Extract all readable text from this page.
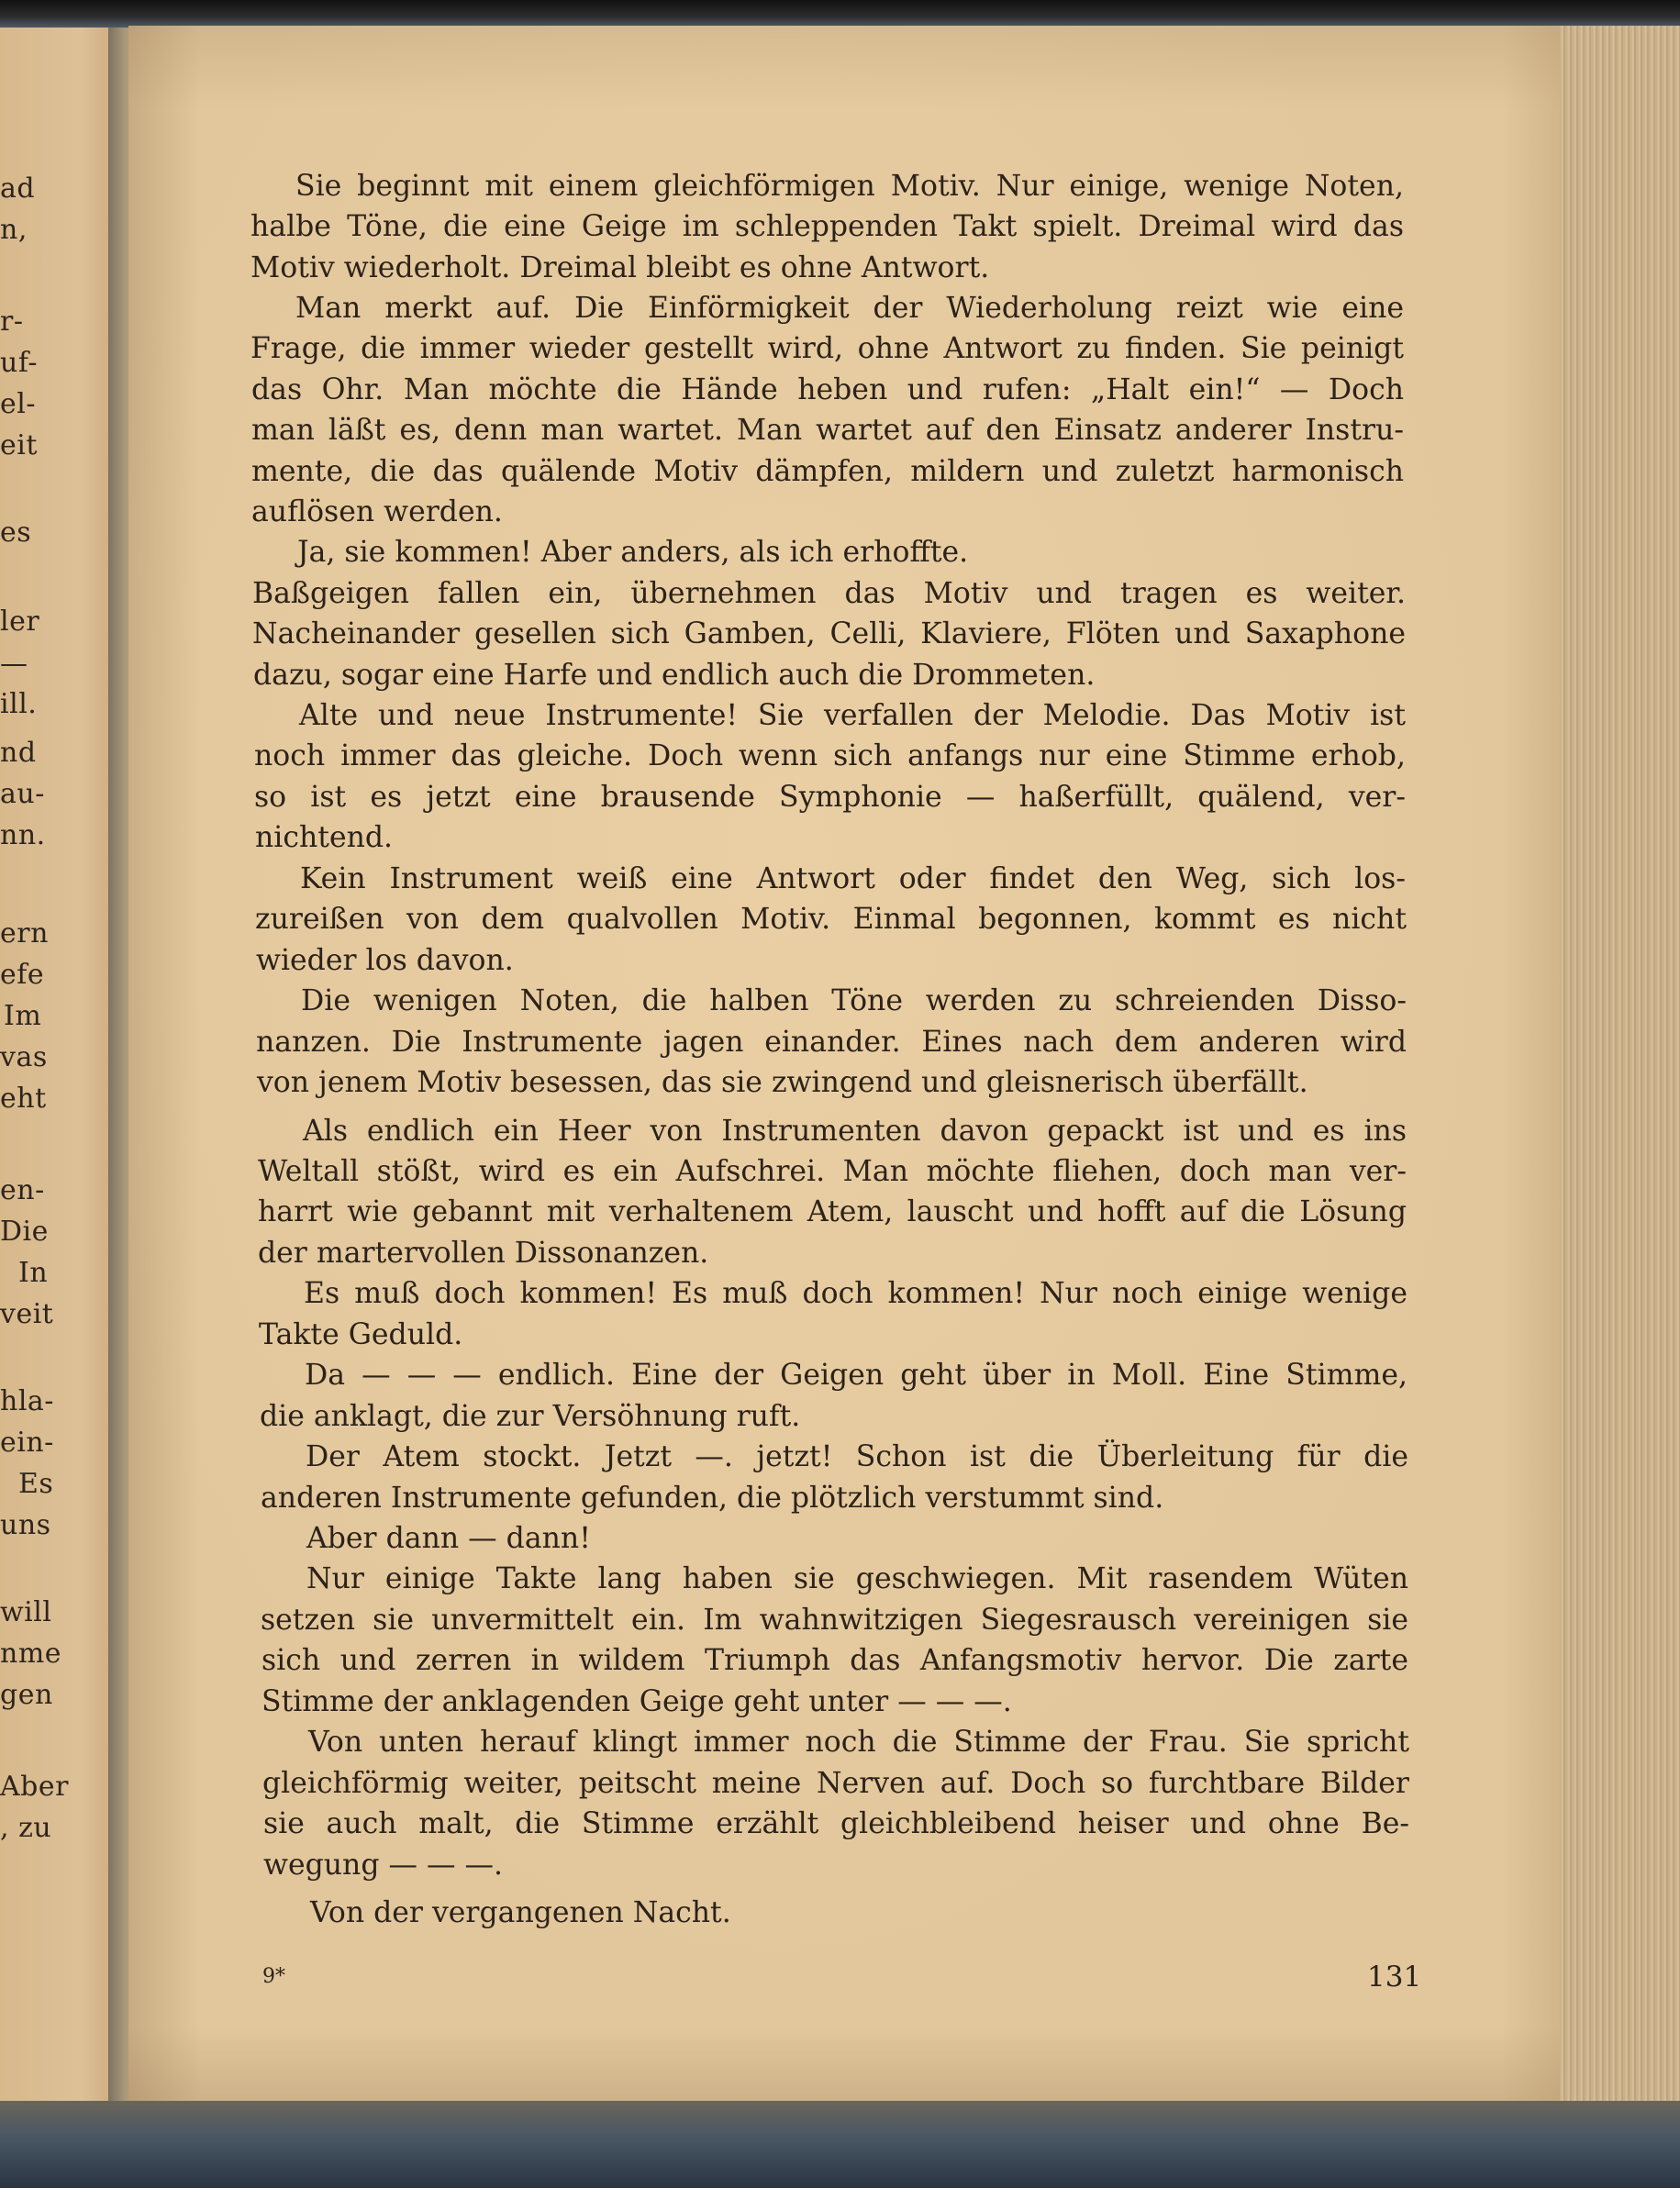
ad
n,
r-
uf-
el-
eit
es
ler
—
ill.
nd
au-
nn.
ern
efe
Im
vas
eht
en-
Die
In
veit
hla-
ein-
Es
uns
will
nme
gen
Aber
, zu
Sie beginnt mit einem gleichförmigen Motiv. Nur einige, wenige Noten,
halbe Töne, die eine Geige im schleppenden Takt spielt. Dreimal wird das
Motiv wiederholt. Dreimal bleibt es ohne Antwort.
Man merkt auf. Die Einförmigkeit der Wiederholung reizt wie eine
Frage, die immer wieder gestellt wird, ohne Antwort zu finden. Sie peinigt
das Ohr. Man möchte die Hände heben und rufen: „Halt ein!“ — Doch
man läßt es, denn man wartet. Man wartet auf den Einsatz anderer Instru-
mente, die das quälende Motiv dämpfen, mildern und zuletzt harmonisch
auflösen werden.
Ja, sie kommen! Aber anders, als ich erhoffte.
Baßgeigen fallen ein, übernehmen das Motiv und tragen es weiter.
Nacheinander gesellen sich Gamben, Celli, Klaviere, Flöten und Saxaphone
dazu, sogar eine Harfe und endlich auch die Drommeten.
Alte und neue Instrumente! Sie verfallen der Melodie. Das Motiv ist
noch immer das gleiche. Doch wenn sich anfangs nur eine Stimme erhob,
so ist es jetzt eine brausende Symphonie — haßerfüllt, quälend, ver-
nichtend.
Kein Instrument weiß eine Antwort oder findet den Weg, sich los-
zureißen von dem qualvollen Motiv. Einmal begonnen, kommt es nicht
wieder los davon.
Die wenigen Noten, die halben Töne werden zu schreienden Disso-
nanzen. Die Instrumente jagen einander. Eines nach dem anderen wird
von jenem Motiv besessen, das sie zwingend und gleisnerisch überfällt.
Als endlich ein Heer von Instrumenten davon gepackt ist und es ins
Weltall stößt, wird es ein Aufschrei. Man möchte fliehen, doch man ver-
harrt wie gebannt mit verhaltenem Atem, lauscht und hofft auf die Lösung
der martervollen Dissonanzen.
Es muß doch kommen! Es muß doch kommen! Nur noch einige wenige
Takte Geduld.
Da — — — endlich. Eine der Geigen geht über in Moll. Eine Stimme,
die anklagt, die zur Versöhnung ruft.
Der Atem stockt. Jetzt —. jetzt! Schon ist die Überleitung für die
anderen Instrumente gefunden, die plötzlich verstummt sind.
Aber dann — dann!
Nur einige Takte lang haben sie geschwiegen. Mit rasendem Wüten
setzen sie unvermittelt ein. Im wahnwitzigen Siegesrausch vereinigen sie
sich und zerren in wildem Triumph das Anfangsmotiv hervor. Die zarte
Stimme der anklagenden Geige geht unter — — —.
Von unten herauf klingt immer noch die Stimme der Frau. Sie spricht
gleichförmig weiter, peitscht meine Nerven auf. Doch so furchtbare Bilder
sie auch malt, die Stimme erzählt gleichbleibend heiser und ohne Be-
wegung — — —.
Von der vergangenen Nacht.
9*	131
